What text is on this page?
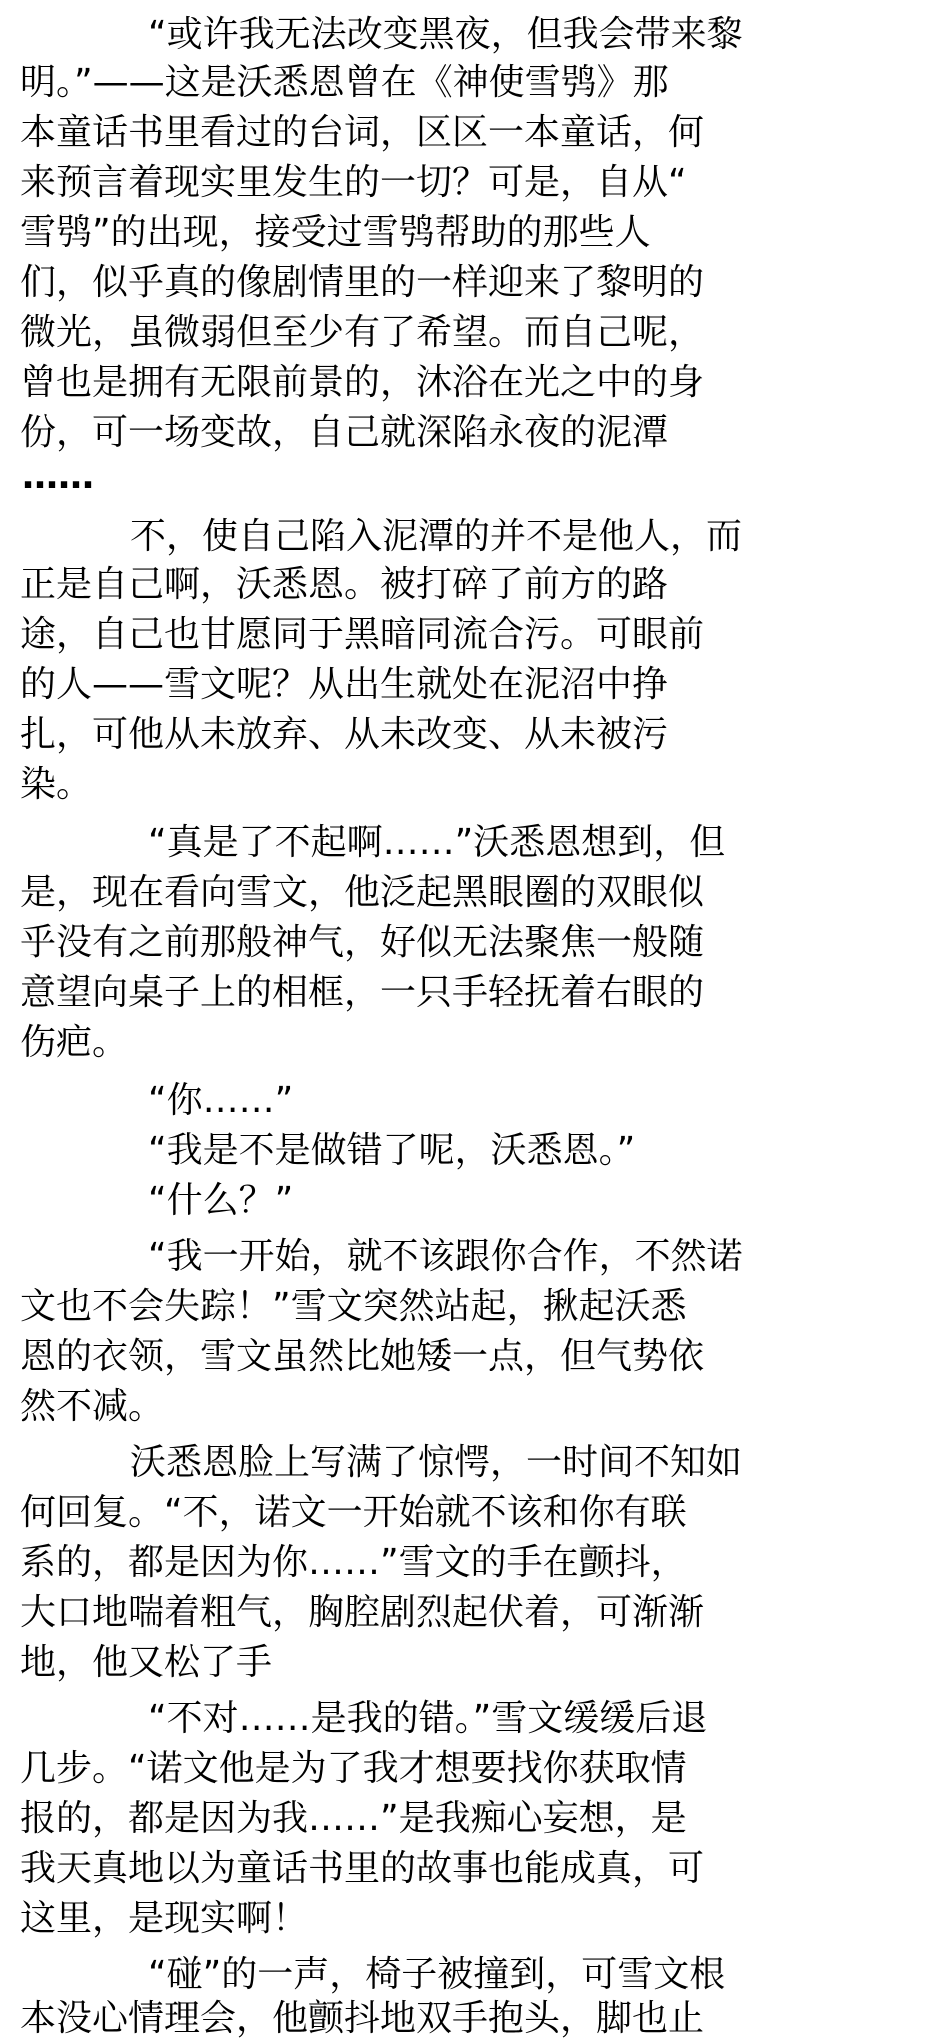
“或许我无法改变黑夜，但我会带来黎
明。”——这是沃悉恩曾在《神使雪鸮》那
本童话书里看过的台词，区区一本童话，何
来预言着现实里发生的一切？可是，自从“
雪鸮”的出现，接受过雪鸮帮助的那些人
们，似乎真的像剧情里的一样迎来了黎明的
微光，虽微弱但至少有了希望。而自己呢，
曾也是拥有无限前景的，沐浴在光之中的身
份，可一场变故，自己就深陷永夜的泥潭
……
不，使自己陷入泥潭的并不是他人，而
正是自己啊，沃悉恩。被打碎了前方的路
途，自己也甘愿同于黑暗同流合污。可眼前
的人——雪文呢？从出生就处在泥沼中挣
扎，可他从未放弃、从未改变、从未被污
染。
“真是了不起啊……”沃悉恩想到，但
是，现在看向雪文，他泛起黑眼圈的双眼似
乎没有之前那般神气，好似无法聚焦一般随
意望向桌子上的相框，一只手轻抚着右眼的
伤疤。
“你……”
“我是不是做错了呢，沃悉恩。”
“什么？”
“我一开始，就不该跟你合作，不然诺
文也不会失踪！”雪文突然站起，揪起沃悉
恩的衣领，雪文虽然比她矮一点，但气势依
然不减。
沃悉恩脸上写满了惊愕，一时间不知如
何回复。“不，诺文一开始就不该和你有联
系的，都是因为你……”雪文的手在颤抖，
大口地喘着粗气，胸腔剧烈起伏着，可渐渐
地，他又松了手
“不对……是我的错。”雪文缓缓后退
几步。“诺文他是为了我才想要找你获取情
报的，都是因为我……”是我痴心妄想，是
我天真地以为童话书里的故事也能成真，可
这里，是现实啊！
“碰”的一声，椅子被撞到，可雪文根
本没心情理会，他颤抖地双手抱头，脚也止
